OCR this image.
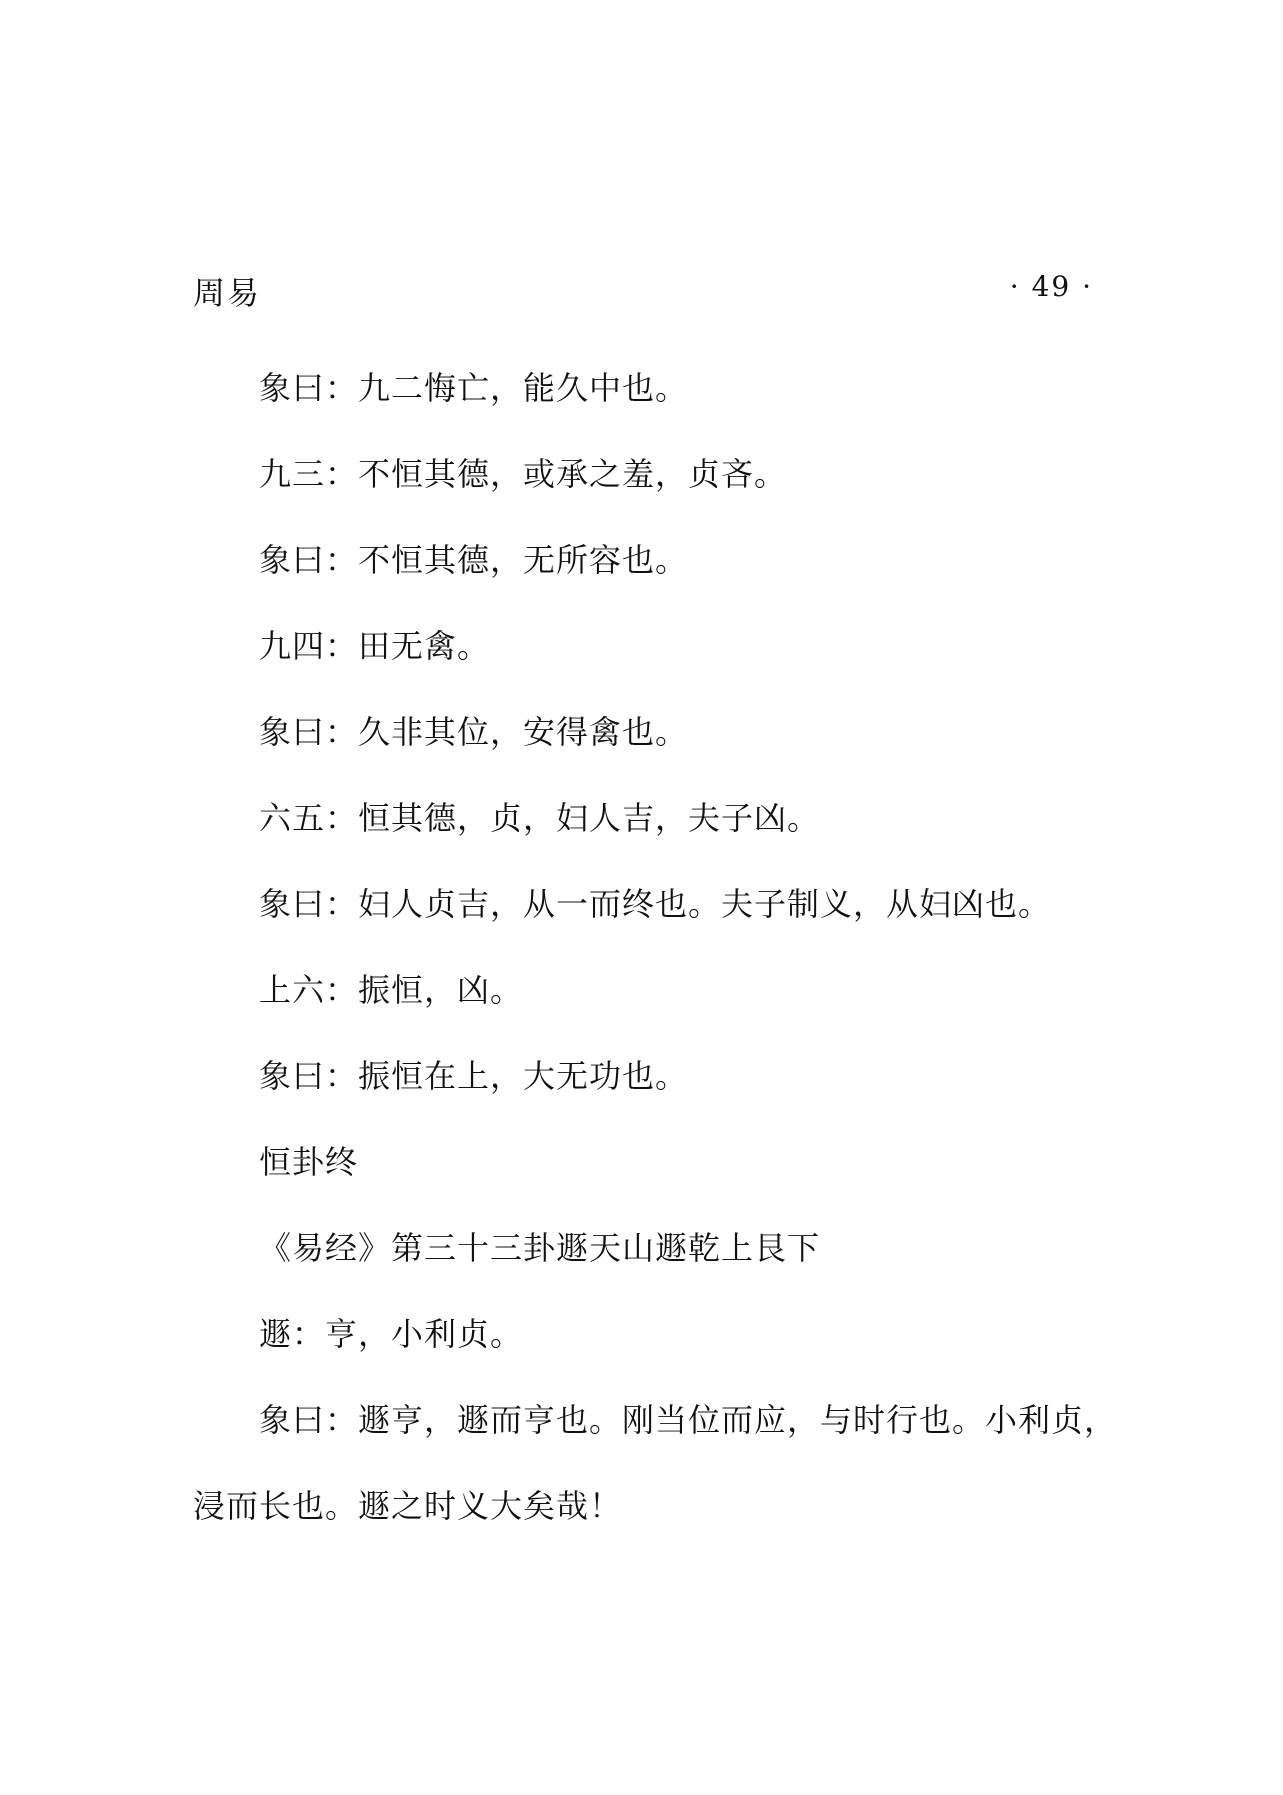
周易	· 49 ·

象曰：九二悔亡，能久中也。

九三：不恒其德，或承之羞，贞吝。

象曰：不恒其德，无所容也。

九四：田无禽。

象曰：久非其位，安得禽也。

六五：恒其德，贞，妇人吉，夫子凶。

象曰：妇人贞吉，从一而终也。夫子制义，从妇凶也。

上六：振恒，凶。

象曰：振恒在上，大无功也。

恒卦终

《易经》第三十三卦遯天山遯乾上艮下

遯：亨，小利贞。

象曰：遯亨，遯而亨也。刚当位而应，与时行也。小利贞，

浸而长也。遯之时义大矣哉！
